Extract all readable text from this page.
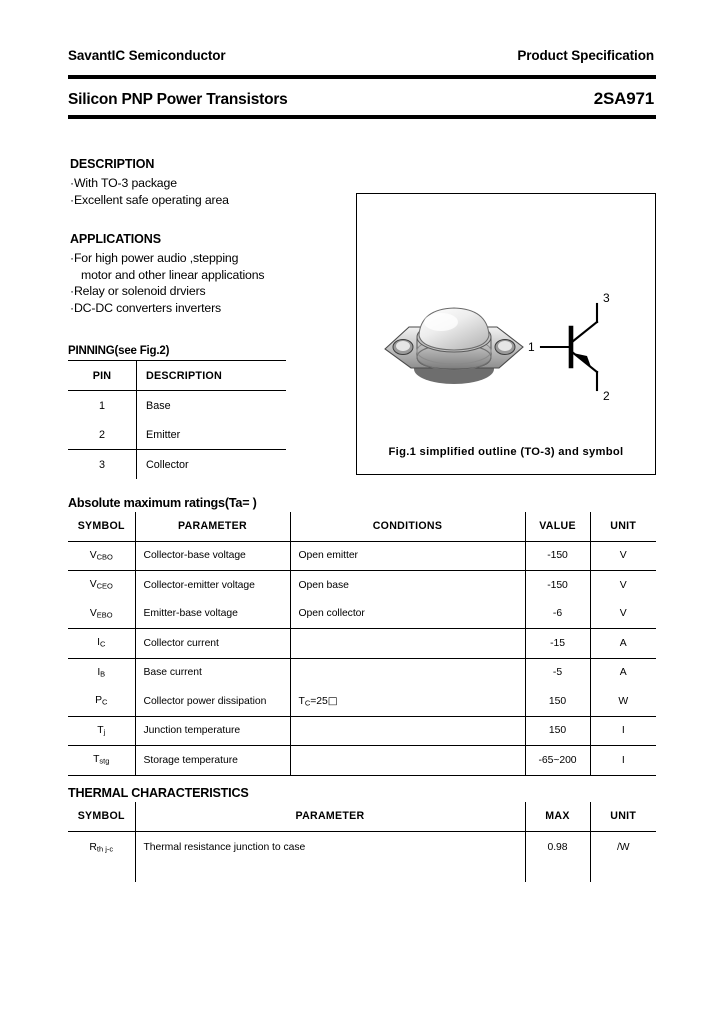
SavantIC Semiconductor	Product Specification
Silicon PNP Power Transistors	2SA971
DESCRIPTION
·With TO-3 package
·Excellent safe operating area
APPLICATIONS
·For high power audio ,stepping
motor and other linear applications
·Relay or solenoid drviers
·DC-DC converters inverters
PINNING(see Fig.2)
PIN	DESCRIPTION
1	Base
2	Emitter
3	Collector
3
1
2
Fig.1 simplified outline (TO-3) and symbol
Absolute maximum ratings(Ta= )
SYMBOL	PARAMETER	CONDITIONS	VALUE	UNIT
$V_{CBO}$	Collector-base voltage	Open emitter	-150	V
$V_{CEO}$	Collector-emitter voltage	Open base	-150	V
$V_{EBO}$	Emitter-base voltage	Open collector	-6	V
$I_C$	Collector current		-15	A
$I_B$	Base current		-5	A
$P_C$	Collector power dissipation	$T_C=25□$	150	W
$T_j$	Junction temperature		150	I
$T_{stg}$	Storage temperature		-65~200	I

THERMAL CHARACTERISTICS
SYMBOL	PARAMETER	MAX	UNIT
$R_{th j-c}$	Thermal resistance junction to case	0.98	/W
